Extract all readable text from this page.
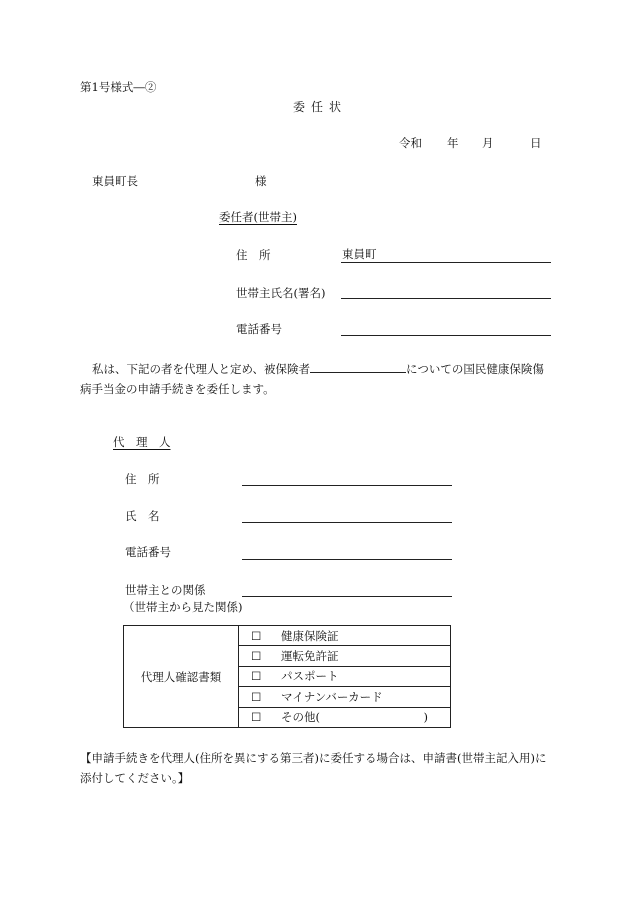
第1号様式―②
委任状
令和 年 月	日
東員町長	様
委任者(世帯主)
住　所	東員町
世帯主氏名(署名)
電話番号
私は、下記の者を代理人と定め、被保険者	についての国民健康保険傷病手当金の申請手続きを委任します。
代　理　人
住　所
氏　名
電話番号
世帯主との関係
（世帯主から見た関係)
代理人確認書類	☐ 健康保険証
☐ 運転免許証
☐ パスポート
☐ マイナンバーカード
☐ その他(　　　　　　　　　)
【申請手続きを代理人(住所を異にする第三者)に委任する場合は、申請書(世帯主記入用)に添付してください。】
